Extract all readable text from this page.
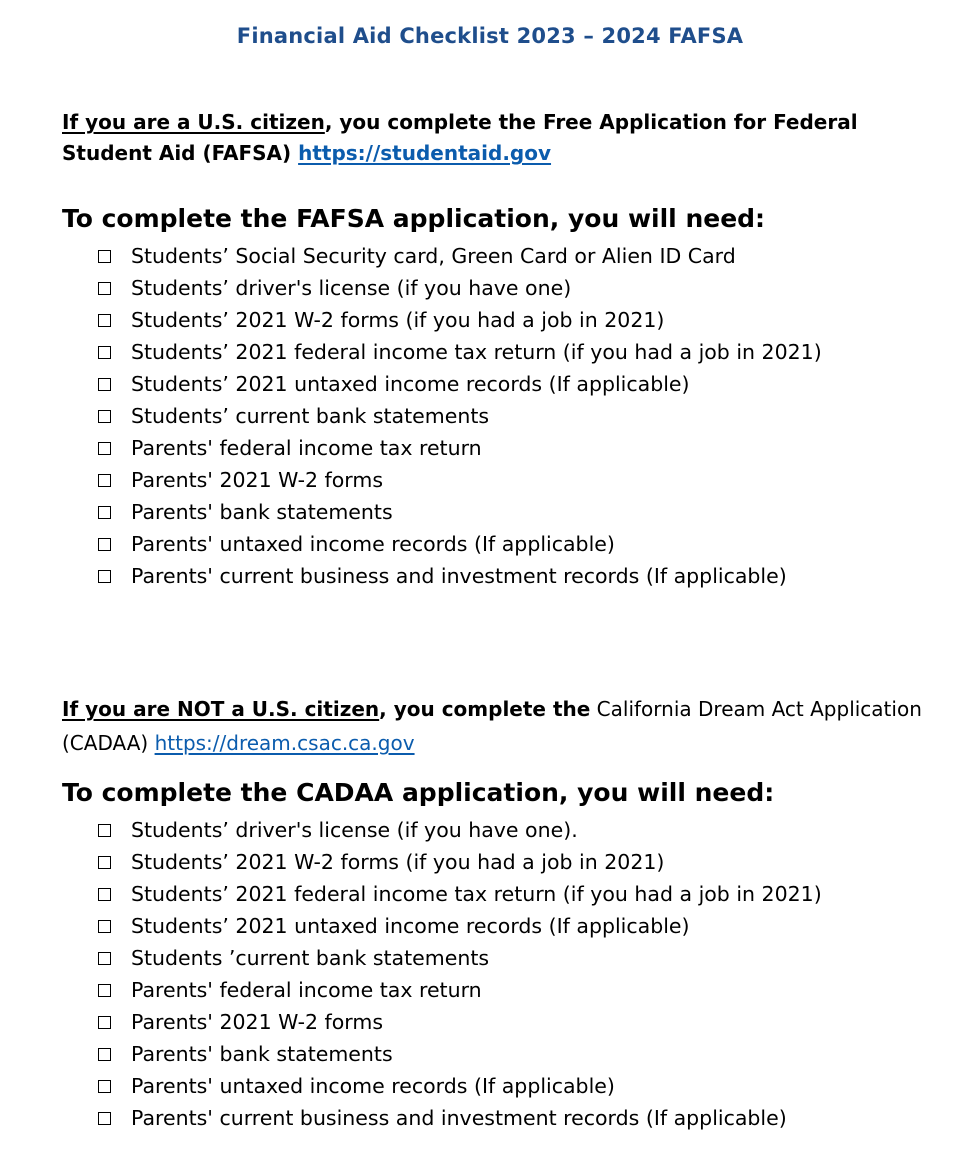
Financial Aid Checklist 2023 – 2024 FAFSA
If you are a U.S. citizen, you complete the Free Application for Federal Student Aid (FAFSA) https://studentaid.gov
To complete the FAFSA application, you will need:
Students’ Social Security card, Green Card or Alien ID Card
Students’ driver's license (if you have one)
Students’ 2021 W-2 forms (if you had a job in 2021)
Students’ 2021 federal income tax return (if you had a job in 2021)
Students’ 2021 untaxed income records (If applicable)
Students’ current bank statements
Parents' federal income tax return
Parents' 2021 W-2 forms
Parents' bank statements
Parents' untaxed income records (If applicable)
Parents' current business and investment records (If applicable)
If you are NOT a U.S. citizen, you complete the California Dream Act Application (CADAA) https://dream.csac.ca.gov
To complete the CADAA application, you will need:
Students’ driver's license (if you have one).
Students’ 2021 W-2 forms (if you had a job in 2021)
Students’ 2021 federal income tax return (if you had a job in 2021)
Students’ 2021 untaxed income records (If applicable)
Students ’current bank statements
Parents' federal income tax return
Parents' 2021 W-2 forms
Parents' bank statements
Parents' untaxed income records (If applicable)
Parents' current business and investment records (If applicable)
